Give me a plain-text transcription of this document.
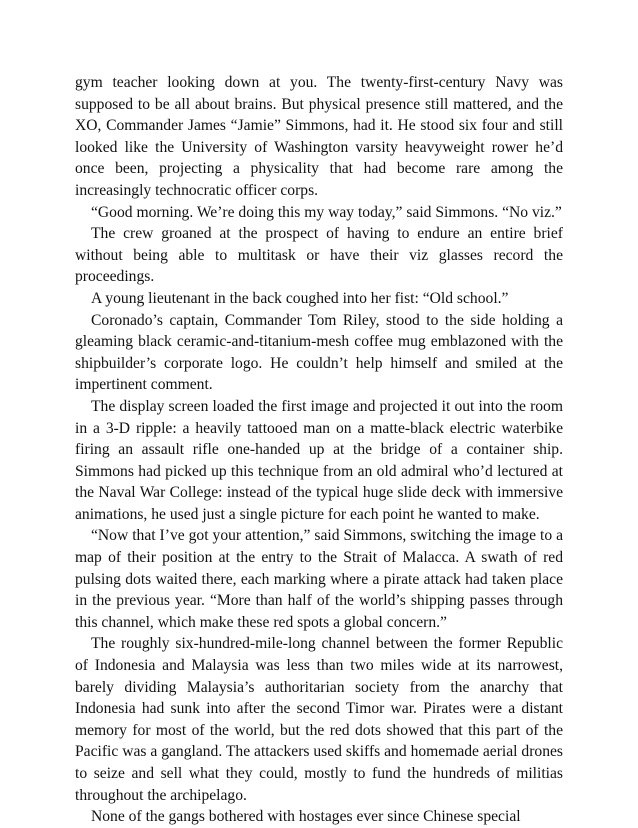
gym teacher looking down at you. The twenty-first-century Navy was supposed to be all about brains. But physical presence still mattered, and the XO, Commander James “Jamie” Simmons, had it. He stood six four and still looked like the University of Washington varsity heavyweight rower he’d once been, projecting a physicality that had become rare among the increasingly technocratic officer corps.

“Good morning. We’re doing this my way today,” said Simmons. “No viz.”

The crew groaned at the prospect of having to endure an entire brief without being able to multitask or have their viz glasses record the proceedings.

A young lieutenant in the back coughed into her fist: “Old school.”

Coronado’s captain, Commander Tom Riley, stood to the side holding a gleaming black ceramic-and-titanium-mesh coffee mug emblazoned with the shipbuilder’s corporate logo. He couldn’t help himself and smiled at the impertinent comment.

The display screen loaded the first image and projected it out into the room in a 3-D ripple: a heavily tattooed man on a matte-black electric waterbike firing an assault rifle one-handed up at the bridge of a container ship. Simmons had picked up this technique from an old admiral who’d lectured at the Naval War College: instead of the typical huge slide deck with immersive animations, he used just a single picture for each point he wanted to make.

“Now that I’ve got your attention,” said Simmons, switching the image to a map of their position at the entry to the Strait of Malacca. A swath of red pulsing dots waited there, each marking where a pirate attack had taken place in the previous year. “More than half of the world’s shipping passes through this channel, which make these red spots a global concern.”

The roughly six-hundred-mile-long channel between the former Republic of Indonesia and Malaysia was less than two miles wide at its narrowest, barely dividing Malaysia’s authoritarian society from the anarchy that Indonesia had sunk into after the second Timor war. Pirates were a distant memory for most of the world, but the red dots showed that this part of the Pacific was a gangland. The attackers used skiffs and homemade aerial drones to seize and sell what they could, mostly to fund the hundreds of militias throughout the archipelago.

None of the gangs bothered with hostages ever since Chinese special
